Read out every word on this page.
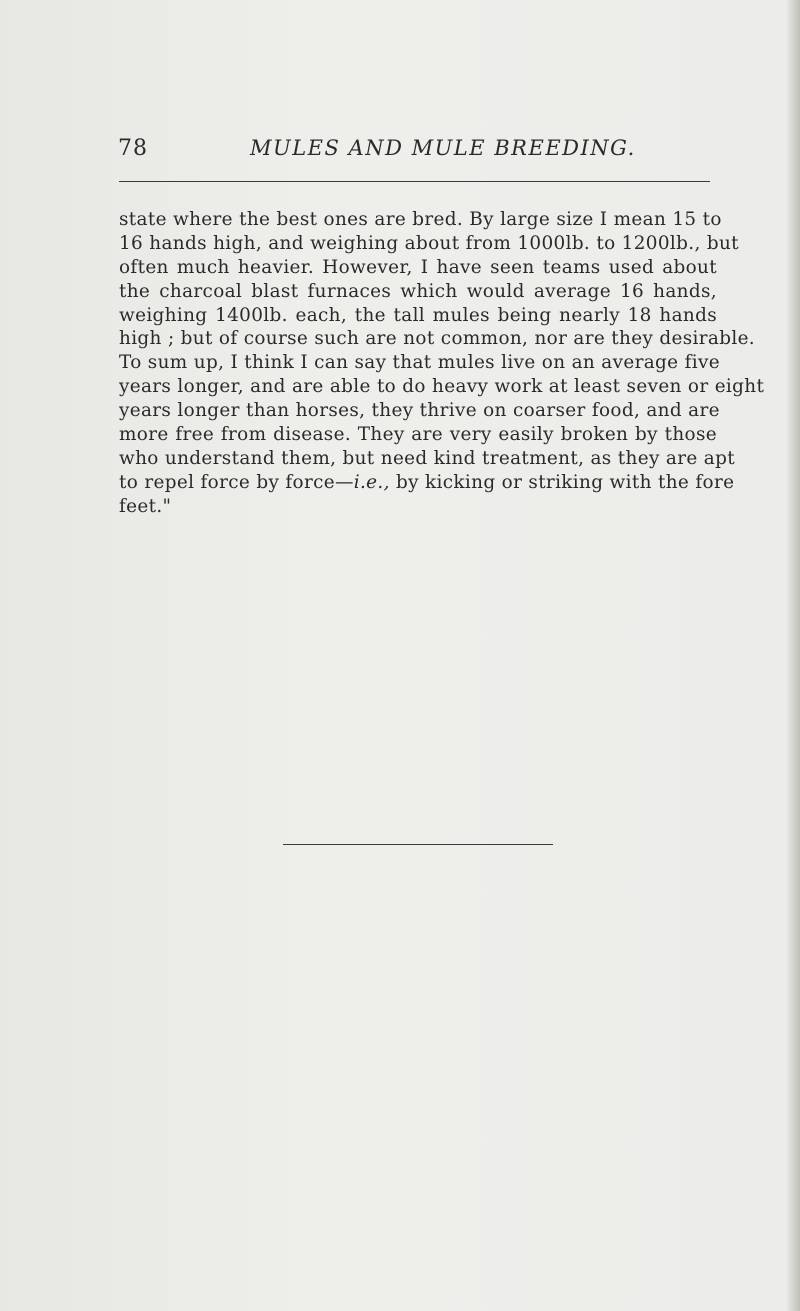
78	MULES AND MULE BREEDING.
state where the best ones are bred. By large size I mean 15 to
16 hands high, and weighing about from 1000lb. to 1200lb., but
often much heavier. However, I have seen teams used about
the charcoal blast furnaces which would average 16 hands,
weighing 1400lb. each, the tall mules being nearly 18 hands
high ; but of course such are not common, nor are they desirable.
To sum up, I think I can say that mules live on an average five
years longer, and are able to do heavy work at least seven or eight
years longer than horses, they thrive on coarser food, and are
more free from disease. They are very easily broken by those
who understand them, but need kind treatment, as they are apt
to repel force by force—i.e., by kicking or striking with the fore
feet."
